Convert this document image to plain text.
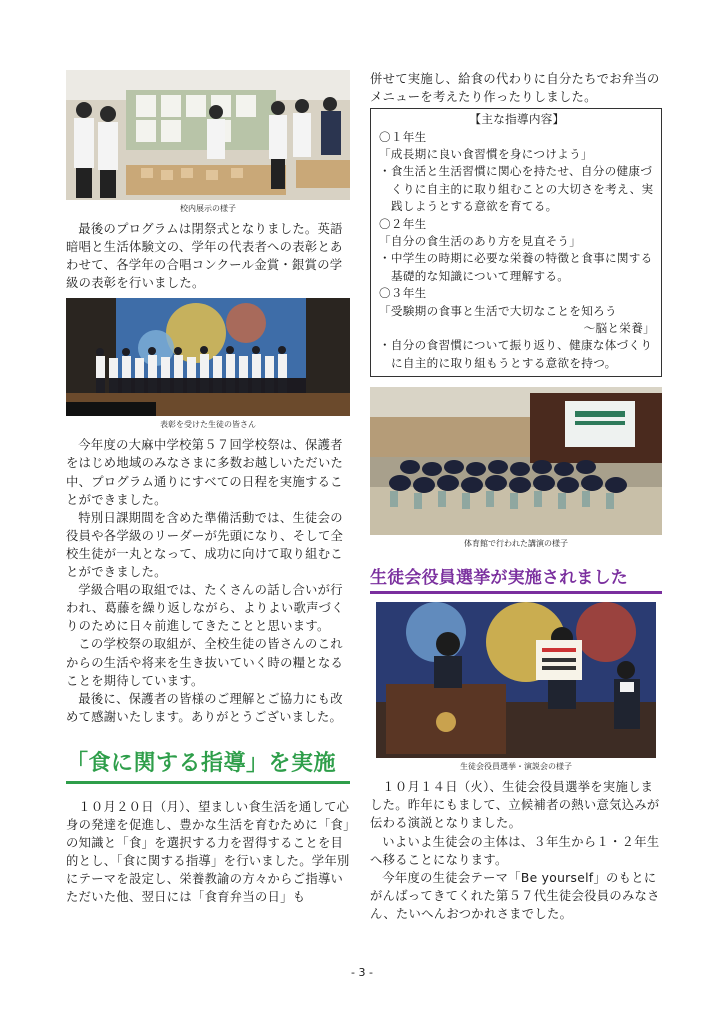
校内展示の様子

最後のプログラムは閉祭式となりました。英語暗唱と生活体験文の、学年の代表者への表彰とあわせて、各学年の合唱コンクール金賞・銀賞の学級の表彰を行いました。

表彰を受けた生徒の皆さん

今年度の大麻中学校第５７回学校祭は、保護者をはじめ地域のみなさまに多数お越しいただいた中、プログラム通りにすべての日程を実施することができました。

特別日課期間を含めた準備活動では、生徒会の役員や各学級のリーダーが先頭になり、そして全校生徒が一丸となって、成功に向けて取り組むことができました。

学級合唱の取組では、たくさんの話し合いが行われ、葛藤を繰り返しながら、よりよい歌声づくりのために日々前進してきたことと思います。

この学校祭の取組が、全校生徒の皆さんのこれからの生活や将来を生き抜いていく時の糧となることを期待しています。

最後に、保護者の皆様のご理解とご協力にも改めて感謝いたします。ありがとうございました。

「食に関する指導」を実施

１０月２０日（月）、望ましい食生活を通して心身の発達を促進し、豊かな生活を育むために「食」の知識と「食」を選択する力を習得することを目的とし、「食に関する指導」を行いました。学年別にテーマを設定し、栄養教諭の方々からご指導いただいた他、翌日には「食育弁当の日」も

併せて実施し、給食の代わりに自分たちでお弁当のメニューを考えたり作ったりしました。

【主な指導内容】
〇１年生
「成長期に良い食習慣を身につけよう」
・食生活と生活習慣に関心を持たせ、自分の健康づくりに自主的に取り組むことの大切さを考え、実践しようとする意欲を育てる。
〇２年生
「自分の食生活のあり方を見直そう」
・中学生の時期に必要な栄養の特徴と食事に関する基礎的な知識について理解する。
〇３年生
「受験期の食事と生活で大切なことを知ろう
～脳と栄養」
・自分の食習慣について振り返り、健康な体づくりに自主的に取り組もうとする意欲を持つ。
体育館で行われた講演の様子
生徒会役員選挙が実施されました
生徒会役員選挙・演説会の様子

１０月１４日（火）、生徒会役員選挙を実施しました。昨年にもまして、立候補者の熱い意気込みが伝わる演説となりました。

いよいよ生徒会の主体は、３年生から１・２年生へ移ることになります。

今年度の生徒会テーマ「Be yourself」のもとにがんばってきてくれた第５７代生徒会役員のみなさん、たいへんおつかれさまでした。

- 3 -
